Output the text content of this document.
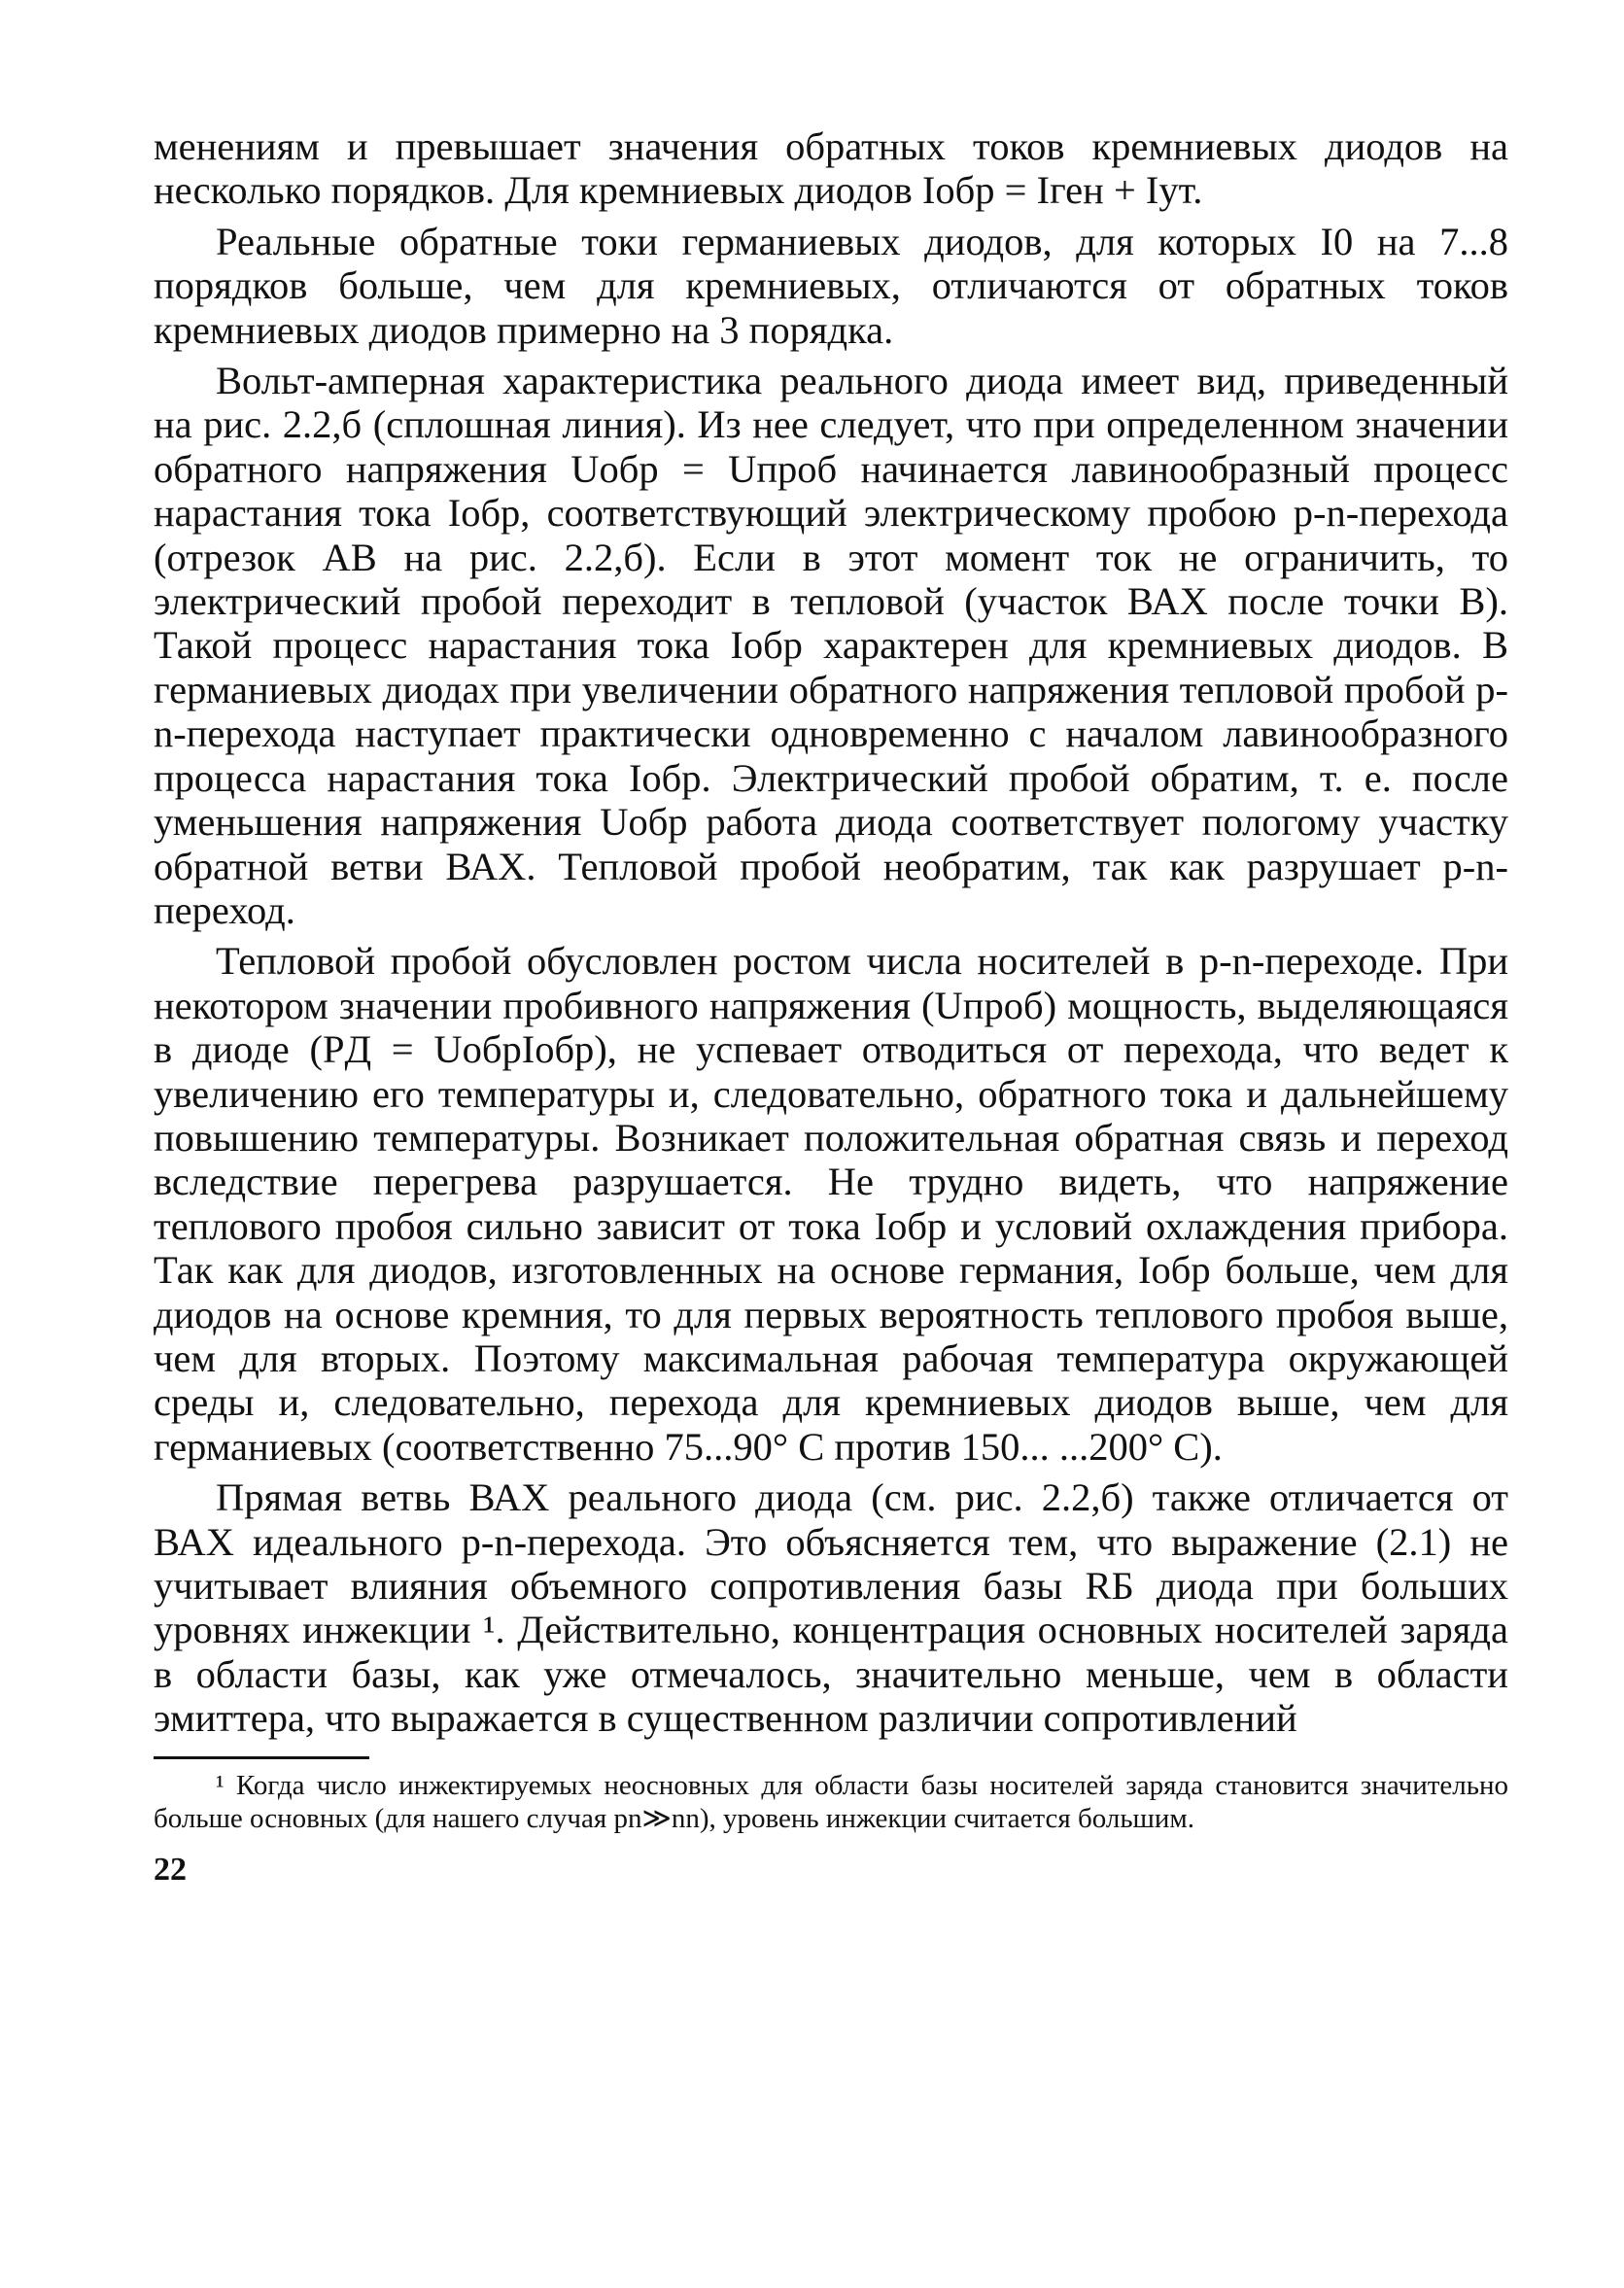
менениям и превышает значения обратных токов кремниевых диодов на несколько порядков. Для кремниевых диодов Iобр = Iген + Iут.

Реальные обратные токи германиевых диодов, для которых I0 на 7...8 порядков больше, чем для кремниевых, отличаются от обратных токов кремниевых диодов примерно на 3 порядка.

Вольт-амперная характеристика реального диода имеет вид, приведенный на рис. 2.2,б (сплошная линия). Из нее следует, что при определенном значении обратного напряжения Uобр = Uпроб начинается лавинообразный процесс нарастания тока Iобр, соответствующий электрическому пробою p-n-перехода (отрезок AB на рис. 2.2,б). Если в этот момент ток не ограничить, то электрический пробой переходит в тепловой (участок ВАХ после точки B). Такой процесс нарастания тока Iобр характерен для кремниевых диодов. В германиевых диодах при увеличении обратного напряжения тепловой пробой p-n-перехода наступает практически одновременно с началом лавинообразного процесса нарастания тока Iобр. Электрический пробой обратим, т. е. после уменьшения напряжения Uобр работа диода соответствует пологому участку обратной ветви ВАХ. Тепловой пробой необратим, так как разрушает p-n-переход.

Тепловой пробой обусловлен ростом числа носителей в p-n-переходе. При некотором значении пробивного напряжения (Uпроб) мощность, выделяющаяся в диоде (PД = UобрIобр), не успевает отводиться от перехода, что ведет к увеличению его температуры и, следовательно, обратного тока и дальнейшему повышению температуры. Возникает положительная обратная связь и переход вследствие перегрева разрушается. Не трудно видеть, что напряжение теплового пробоя сильно зависит от тока Iобр и условий охлаждения прибора. Так как для диодов, изготовленных на основе германия, Iобр больше, чем для диодов на основе кремния, то для первых вероятность теплового пробоя выше, чем для вторых. Поэтому максимальная рабочая температура окружающей среды и, следовательно, перехода для кремниевых диодов выше, чем для германиевых (соответственно 75...90° С против 150... ...200° С).

Прямая ветвь ВАХ реального диода (см. рис. 2.2,б) также отличается от ВАХ идеального p-n-перехода. Это объясняется тем, что выражение (2.1) не учитывает влияния объемного сопротивления базы RБ диода при больших уровнях инжекции ¹. Действительно, концентрация основных носителей заряда в области базы, как уже отмечалось, значительно меньше, чем в области эмиттера, что выражается в существенном различии сопротивлений

¹ Когда число инжектируемых неосновных для области базы носителей заряда становится значительно больше основных (для нашего случая pn≫nn), уровень инжекции считается большим.

22
